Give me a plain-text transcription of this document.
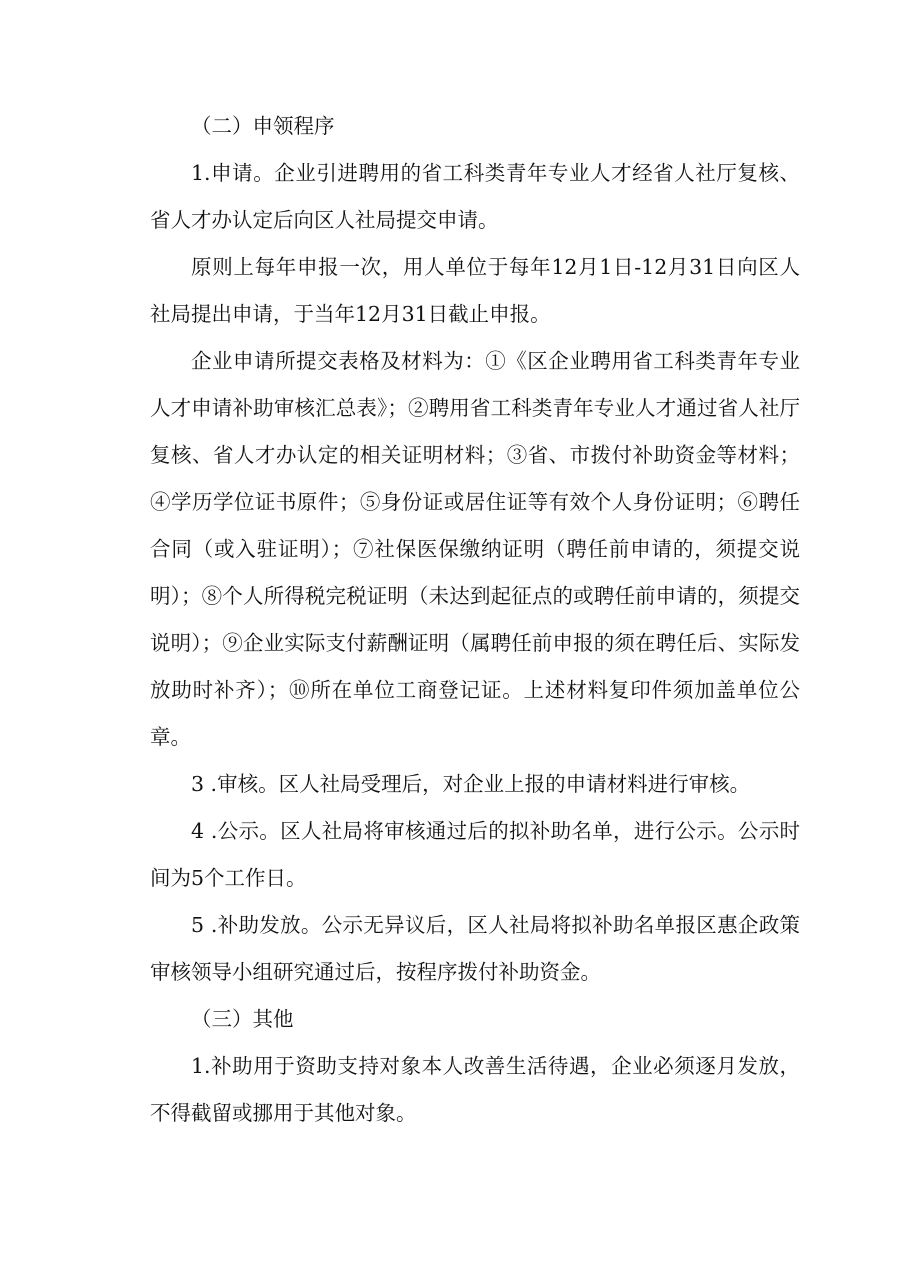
（二）申领程序

1.申请。企业引进聘用的省工科类青年专业人才经省人社厅复核、省人才办认定后向区人社局提交申请。

原则上每年申报一次，用人单位于每年12月1日-12月31日向区人社局提出申请，于当年12月31日截止申报。

企业申请所提交表格及材料为：①《区企业聘用省工科类青年专业人才申请补助审核汇总表》；②聘用省工科类青年专业人才通过省人社厅复核、省人才办认定的相关证明材料；③省、市拨付补助资金等材料；④学历学位证书原件；⑤身份证或居住证等有效个人身份证明；⑥聘任合同（或入驻证明）；⑦社保医保缴纳证明（聘任前申请的，须提交说明）；⑧个人所得税完税证明（未达到起征点的或聘任前申请的，须提交说明）；⑨企业实际支付薪酬证明（属聘任前申报的须在聘任后、实际发放助时补齐）；⑩所在单位工商登记证。上述材料复印件须加盖单位公章。

3 .审核。区人社局受理后，对企业上报的申请材料进行审核。

4 .公示。区人社局将审核通过后的拟补助名单，进行公示。公示时间为5个工作日。

5 .补助发放。公示无异议后，区人社局将拟补助名单报区惠企政策审核领导小组研究通过后，按程序拨付补助资金。

（三）其他

1.补助用于资助支持对象本人改善生活待遇，企业必须逐月发放，不得截留或挪用于其他对象。
